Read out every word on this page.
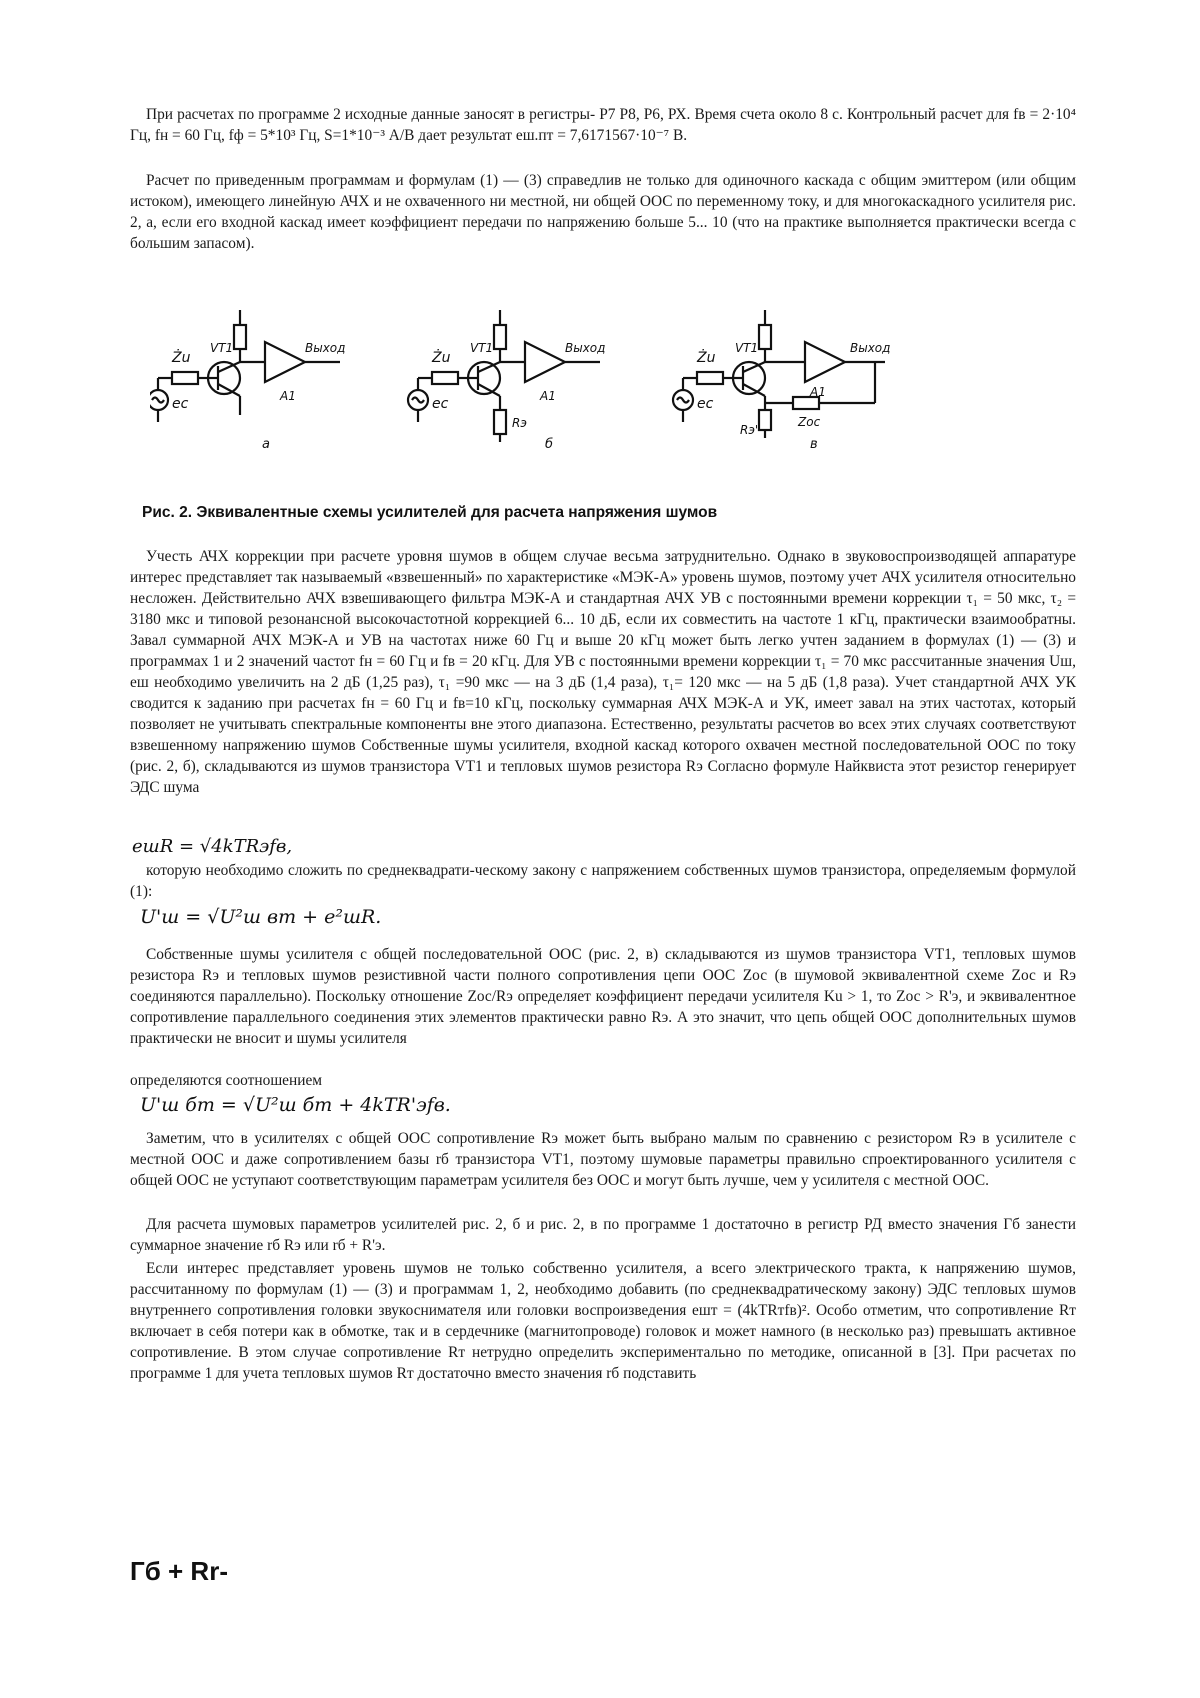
При расчетах по программе 2 исходные данные заносят в регистры- Р7 Р8, Р6, РХ. Время счета около 8 с. Контрольный расчет для fв = 2·10⁴ Гц, fн = 60 Гц, fф = 5*10³ Гц, S=1*10⁻³ А/В дает результат eш.пт = 7,6171567·10⁻⁷ В.

Расчет по приведенным программам и формулам (1) — (3) справедлив не только для одиночного каскада с общим эмиттером (или общим истоком), имеющего линейную АЧХ и не охваченного ни местной, ни общей ООС по переменному току, и для многокаскадного усилителя рис. 2, а, если его входной каскад имеет коэффициент передачи по напряжению больше 5... 10 (что на практике выполняется практически всегда с большим запасом).

Выход
VT1
A1
Żu
ec
а
Выход
VT1
A1
Żu
ec
Rэ
б
Выход
VT1
A1
Żu
ec
Rэ'
Zoc
в
Рис. 2. Эквивалентные схемы усилителей для расчета напряжения шумов

Учесть АЧХ коррекции при расчете уровня шумов в общем случае весьма затруднительно. Однако в звуковоспроизводящей аппаратуре интерес представляет так называемый «взвешенный» по характеристике «МЭК-А» уровень шумов, поэтому учет АЧХ усилителя относительно несложен. Действительно АЧХ взвешивающего фильтра МЭК-А и стандартная АЧХ УВ с постоянными времени коррекции τ₁ = 50 мкс, τ₂ = 3180 мкс и типовой резонансной высокочастотной коррекцией 6... 10 дБ, если их совместить на частоте 1 кГц, практически взаимообратны. Завал суммарной АЧХ МЭК-А и УВ на частотах ниже 60 Гц и выше 20 кГц может быть легко учтен заданием в формулах (1) — (3) и программах 1 и 2 значений частот fн = 60 Гц и fв = 20 кГц. Для УВ с постоянными времени коррекции τ₁ = 70 мкс рассчитанные значения Uш, eш необходимо увеличить на 2 дБ (1,25 раз), τ₁ =90 мкс — на 3 дБ (1,4 раза), τ₁= 120 мкс — на 5 дБ (1,8 раза). Учет стандартной АЧХ УК сводится к заданию при расчетах fн = 60 Гц и fв=10 кГц, поскольку суммарная АЧХ МЭК-А и УК, имеет завал на этих частотах, который позволяет не учитывать спектральные компоненты вне этого диапазона. Естественно, результаты расчетов во всех этих случаях соответствуют взвешенному напряжению шумов Собственные шумы усилителя, входной каскад которого охвачен местной последовательной ООС по току (рис. 2, б), складываются из шумов транзистора VT1 и тепловых шумов резистора Rэ Согласно формуле Найквиста этот резистор генерирует ЭДС шума

eшR = √4kTRэfв,

которую необходимо сложить по среднеквадрати-ческому закону с напряжением собственных шумов транзистора, определяемым формулой (1):

U'ш = √U²ш вт + e²шR.

Собственные шумы усилителя с общей последовательной ООС (рис. 2, в) складываются из шумов транзистора VT1, тепловых шумов резистора Rэ и тепловых шумов резистивной части полного сопротивления цепи ООС Zос (в шумовой эквивалентной схеме Zос и Rэ соединяются параллельно). Поскольку отношение Zос/Rэ определяет коэффициент передачи усилителя Ku > 1, то Zос > R'э, и эквивалентное сопротивление параллельного соединения этих элементов практически равно Rэ. А это значит, что цепь общей ООС дополнительных шумов практически не вносит и шумы усилителя

определяются соотношением

U'ш бт = √U²ш бт + 4kTR'эfв.

Заметим, что в усилителях с общей ООС сопротивление Rэ может быть выбрано малым по сравнению с резистором Rэ в усилителе с местной ООС и даже сопротивлением базы rб транзистора VT1, поэтому шумовые параметры правильно спроектированного усилителя с общей ООС не уступают соответствующим параметрам усилителя без ООС и могут быть лучше, чем у усилителя с местной ООС.

Для расчета шумовых параметров усилителей рис. 2, б и рис. 2, в по программе 1 достаточно в регистр РД вместо значения Гб занести суммарное значение rб Rэ или rб + R'э.

Если интерес представляет уровень шумов не только собственно усилителя, а всего электрического тракта, к напряжению шумов, рассчитанному по формулам (1) — (3) и программам 1, 2, необходимо добавить (по среднеквадратическому закону) ЭДС тепловых шумов внутреннего сопротивления головки звукоснимателя или головки воспроизведения eшт = (4kTRтfв)². Особо отметим, что сопротивление Rт включает в себя потери как в обмотке, так и в сердечнике (магнитопроводе) головок и может намного (в несколько раз) превышать активное сопротивление. В этом случае сопротивление Rт нетрудно определить экспериментально по методике, описанной в [3]. При расчетах по программе 1 для учета тепловых шумов Rт достаточно вместо значения rб подставить

Гб + Rr-
